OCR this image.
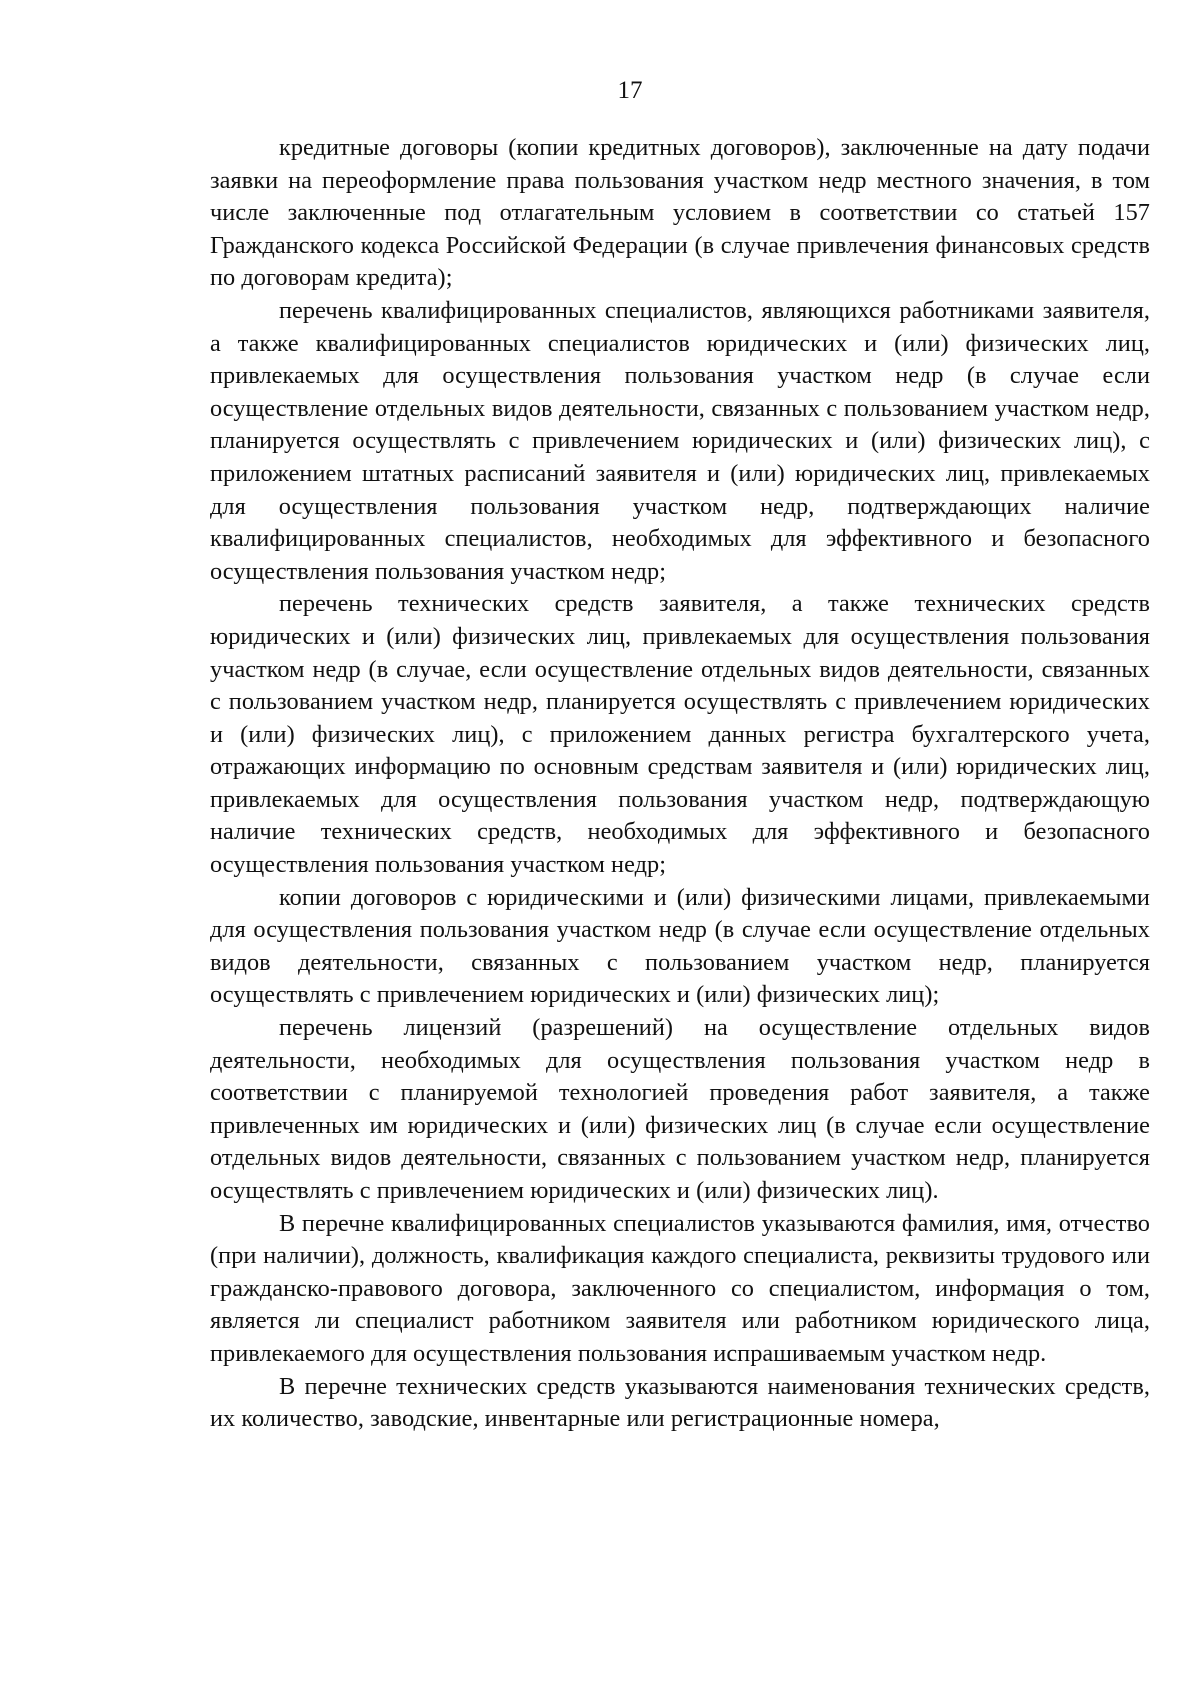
17

кредитные договоры (копии кредитных договоров), заключенные на дату подачи заявки на переоформление права пользования участком недр местного значения, в том числе заключенные под отлагательным условием в соответствии со статьей 157 Гражданского кодекса Российской Федерации (в случае привлечения финансовых средств по договорам кредита);

перечень квалифицированных специалистов, являющихся работниками заявителя, а также квалифицированных специалистов юридических и (или) физических лиц, привлекаемых для осуществления пользования участком недр (в случае если осуществление отдельных видов деятельности, связанных с пользованием участком недр, планируется осуществлять с привлечением юридических и (или) физических лиц), с приложением штатных расписаний заявителя и (или) юридических лиц, привлекаемых для осуществления пользования участком недр, подтверждающих наличие квалифицированных специалистов, необходимых для эффективного и безопасного осуществления пользования участком недр;

перечень технических средств заявителя, а также технических средств юридических и (или) физических лиц, привлекаемых для осуществления пользования участком недр (в случае, если осуществление отдельных видов деятельности, связанных с пользованием участком недр, планируется осуществлять с привлечением юридических и (или) физических лиц), с приложением данных регистра бухгалтерского учета, отражающих информацию по основным средствам заявителя и (или) юридических лиц, привлекаемых для осуществления пользования участком недр, подтверждающую наличие технических средств, необходимых для эффективного и безопасного осуществления пользования участком недр;

копии договоров с юридическими и (или) физическими лицами, привлекаемыми для осуществления пользования участком недр (в случае если осуществление отдельных видов деятельности, связанных с пользованием участком недр, планируется осуществлять с привлечением юридических и (или) физических лиц);

перечень лицензий (разрешений) на осуществление отдельных видов деятельности, необходимых для осуществления пользования участком недр в соответствии с планируемой технологией проведения работ заявителя, а также привлеченных им юридических и (или) физических лиц (в случае если осуществление отдельных видов деятельности, связанных с пользованием участком недр, планируется осуществлять с привлечением юридических и (или) физических лиц).

В перечне квалифицированных специалистов указываются фамилия, имя, отчество (при наличии), должность, квалификация каждого специалиста, реквизиты трудового или гражданско-правового договора, заключенного со специалистом, информация о том, является ли специалист работником заявителя или работником юридического лица, привлекаемого для осуществления пользования испрашиваемым участком недр.

В перечне технических средств указываются наименования технических средств, их количество, заводские, инвентарные или регистрационные номера,
